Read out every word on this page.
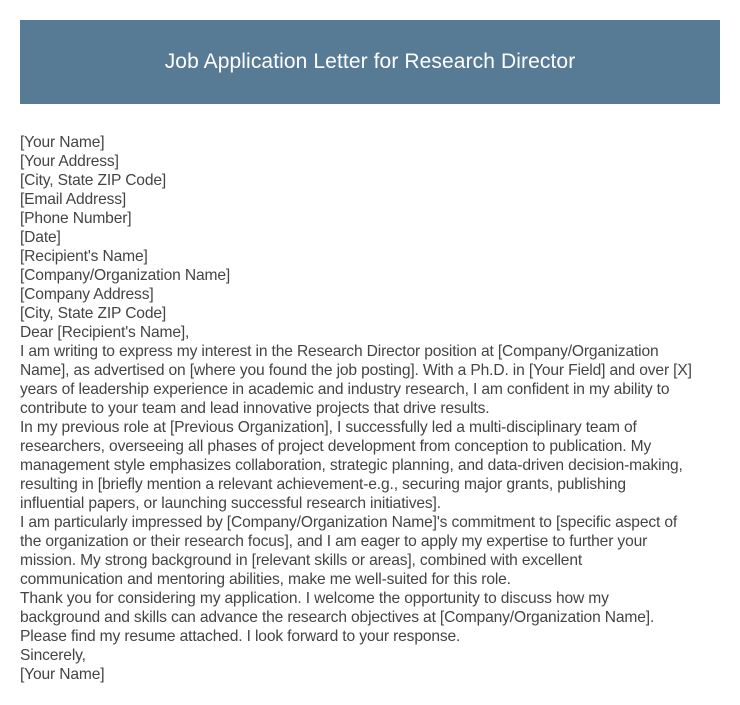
Job Application Letter for Research Director
[Your Name]
[Your Address]
[City, State ZIP Code]
[Email Address]
[Phone Number]
[Date]
[Recipient's Name]
[Company/Organization Name]
[Company Address]
[City, State ZIP Code]
Dear [Recipient's Name],

I am writing to express my interest in the Research Director position at [Company/Organization
Name], as advertised on [where you found the job posting]. With a Ph.D. in [Your Field] and over [X]
years of leadership experience in academic and industry research, I am confident in my ability to
contribute to your team and lead innovative projects that drive results.

In my previous role at [Previous Organization], I successfully led a multi-disciplinary team of
researchers, overseeing all phases of project development from conception to publication. My
management style emphasizes collaboration, strategic planning, and data-driven decision-making,
resulting in [briefly mention a relevant achievement-e.g., securing major grants, publishing
influential papers, or launching successful research initiatives].

I am particularly impressed by [Company/Organization Name]'s commitment to [specific aspect of
the organization or their research focus], and I am eager to apply my expertise to further your
mission. My strong background in [relevant skills or areas], combined with excellent
communication and mentoring abilities, make me well-suited for this role.

Thank you for considering my application. I welcome the opportunity to discuss how my
background and skills can advance the research objectives at [Company/Organization Name].
Please find my resume attached. I look forward to your response.

Sincerely,
[Your Name]
